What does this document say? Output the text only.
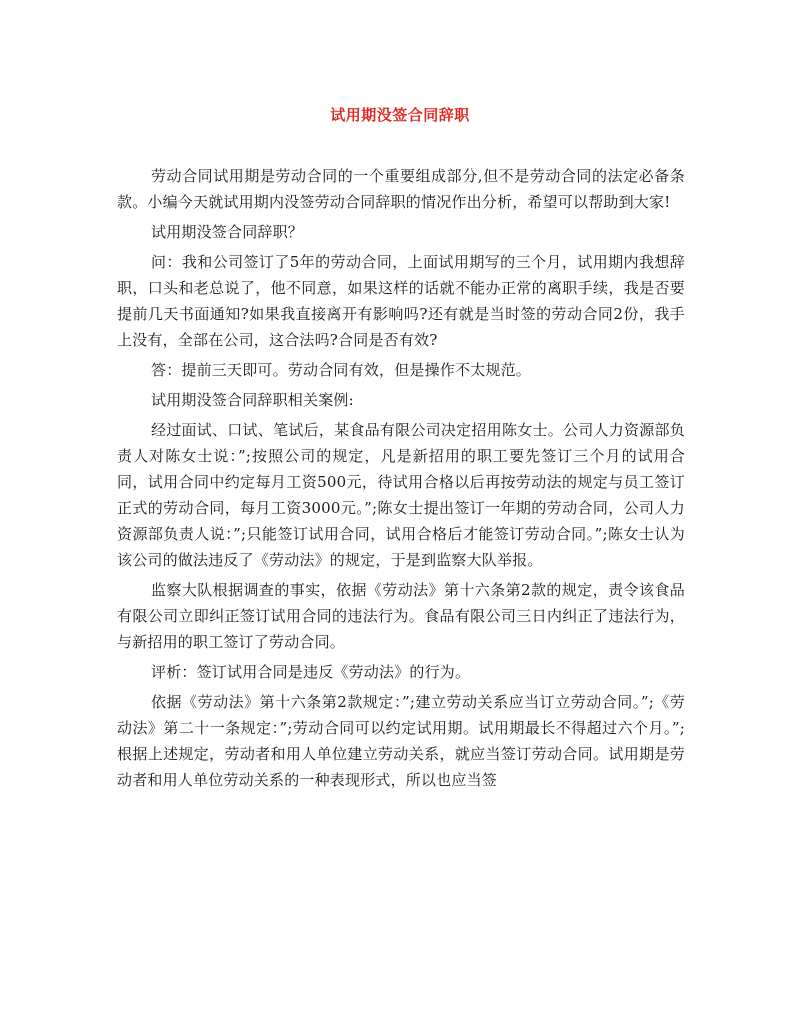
试用期没签合同辞职

劳动合同试用期是劳动合同的一个重要组成部分,但不是劳动合同的法定必备条款。小编今天就试用期内没签劳动合同辞职的情况作出分析，希望可以帮助到大家!

试用期没签合同辞职？

问：我和公司签订了5年的劳动合同，上面试用期写的三个月，试用期内我想辞职，口头和老总说了，他不同意，如果这样的话就不能办正常的离职手续，我是否要提前几天书面通知?如果我直接离开有影响吗?还有就是当时签的劳动合同2份，我手上没有，全部在公司，这合法吗?合同是否有效?

答：提前三天即可。劳动合同有效，但是操作不太规范。

试用期没签合同辞职相关案例:

经过面试、口试、笔试后，某食品有限公司决定招用陈女士。公司人力资源部负责人对陈女士说：”;按照公司的规定，凡是新招用的职工要先签订三个月的试用合同，试用合同中约定每月工资500元，待试用合格以后再按劳动法的规定与员工签订正式的劳动合同，每月工资3000元。”;陈女士提出签订一年期的劳动合同，公司人力资源部负责人说：”;只能签订试用合同，试用合格后才能签订劳动合同。”;陈女士认为该公司的做法违反了《劳动法》的规定，于是到监察大队举报。

监察大队根据调查的事实，依据《劳动法》第十六条第2款的规定，责令该食品有限公司立即纠正签订试用合同的违法行为。食品有限公司三日内纠正了违法行为，与新招用的职工签订了劳动合同。

评析：签订试用合同是违反《劳动法》的行为。

依据《劳动法》第十六条第2款规定：”;建立劳动关系应当订立劳动合同。”;《劳动法》第二十一条规定：”;劳动合同可以约定试用期。试用期最长不得超过六个月。”;根据上述规定，劳动者和用人单位建立劳动关系，就应当签订劳动合同。试用期是劳动者和用人单位劳动关系的一种表现形式，所以也应当签
